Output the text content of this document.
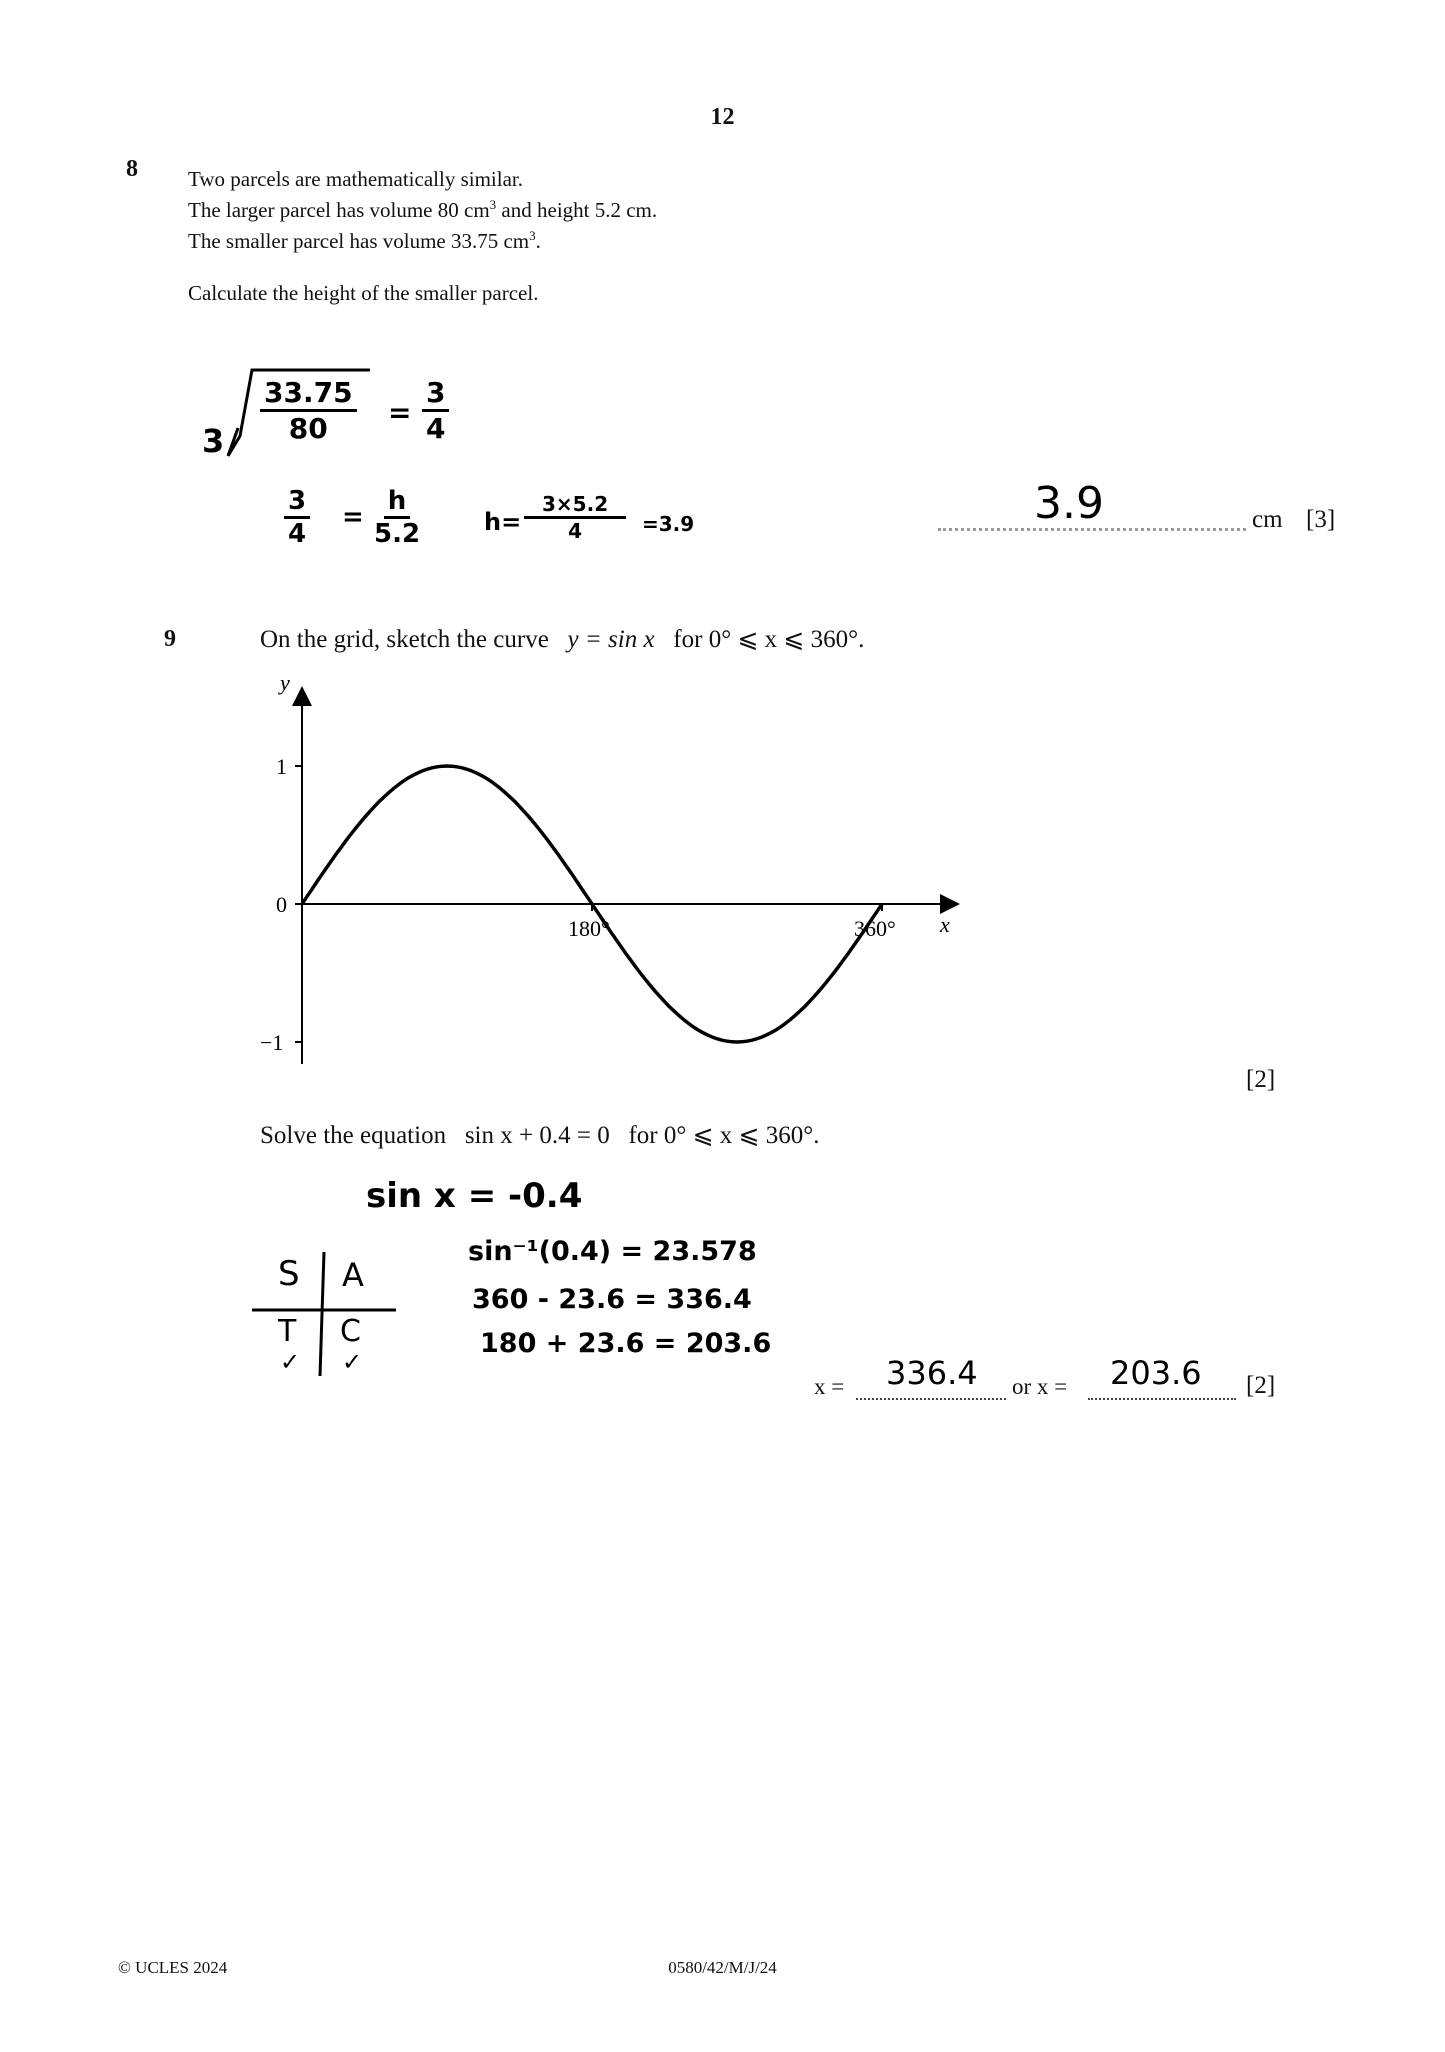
12
8 Two parcels are mathematically similar.
The larger parcel has volume 80 $cm^3$ and height 5.2 cm.
The smaller parcel has volume 33.75 $cm^3$.
Calculate the height of the smaller parcel.
$3 \frac{33.75}{80} = \frac{3}{4}$
$\frac{3}{4} = \frac{h}{5.2} h= \frac{3\times 5.2}{4} =3.9$	3.9	cm [3]
9	On the grid, sketch the curve y = sin x for 0° ⩽ x ⩽ 360°.
y
x
1
0
−1
180°	360°
[2]
Solve the equation sin x + 0.4 = 0 for 0° ⩽ x ⩽ 360°.
sin x = -0.4
sin⁻¹(0.4) = 23.578
360 - 23.6 = 336.4
180 + 23.6 = 203.6
S A
T C
✓ ✓
x = 336.4 or x = 203.6 [2]
© UCLES 2024	0580/42/M/J/24
